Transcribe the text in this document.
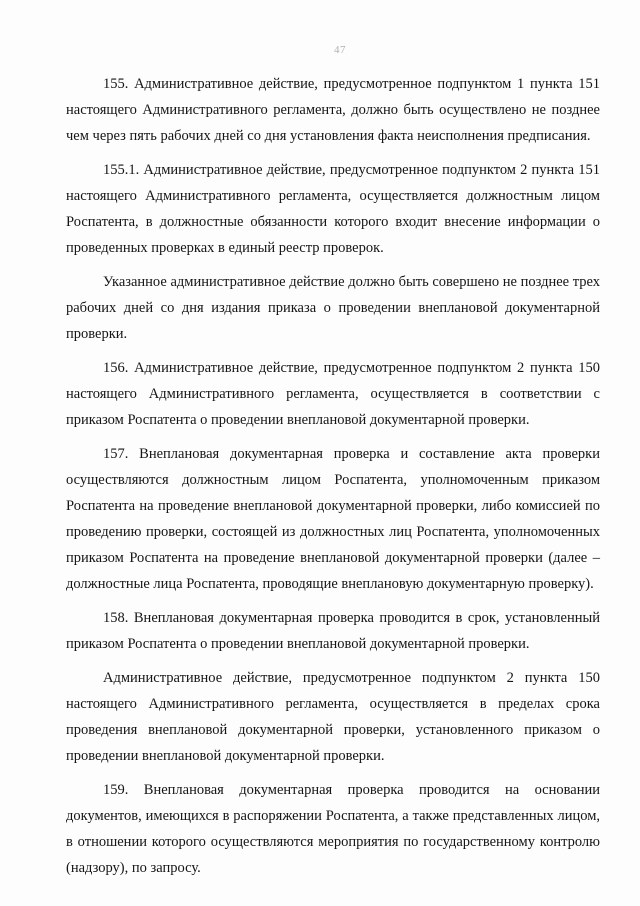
47

155. Административное действие, предусмотренное подпунктом 1 пункта 151 настоящего Административного регламента, должно быть осуществлено не позднее чем через пять рабочих дней со дня установления факта неисполнения предписания.

155.1. Административное действие, предусмотренное подпунктом 2 пункта 151 настоящего Административного регламента, осуществляется должностным лицом Роспатента, в должностные обязанности которого входит внесение информации о проведенных проверках в единый реестр проверок.

Указанное административное действие должно быть совершено не позднее трех рабочих дней со дня издания приказа о проведении внеплановой документарной проверки.

156. Административное действие, предусмотренное подпунктом 2 пункта 150 настоящего Административного регламента, осуществляется в соответствии с приказом Роспатента о проведении внеплановой документарной проверки.

157. Внеплановая документарная проверка и составление акта проверки осуществляются должностным лицом Роспатента, уполномоченным приказом Роспатента на проведение внеплановой документарной проверки, либо комиссией по проведению проверки, состоящей из должностных лиц Роспатента, уполномоченных приказом Роспатента на проведение внеплановой документарной проверки (далее – должностные лица Роспатента, проводящие внеплановую документарную проверку).

158. Внеплановая документарная проверка проводится в срок, установленный приказом Роспатента о проведении внеплановой документарной проверки.

Административное действие, предусмотренное подпунктом 2 пункта 150 настоящего Административного регламента, осуществляется в пределах срока проведения внеплановой документарной проверки, установленного приказом о проведении внеплановой документарной проверки.

159. Внеплановая документарная проверка проводится на основании документов, имеющихся в распоряжении Роспатента, а также представленных лицом, в отношении которого осуществляются мероприятия по государственному контролю (надзору), по запросу.
